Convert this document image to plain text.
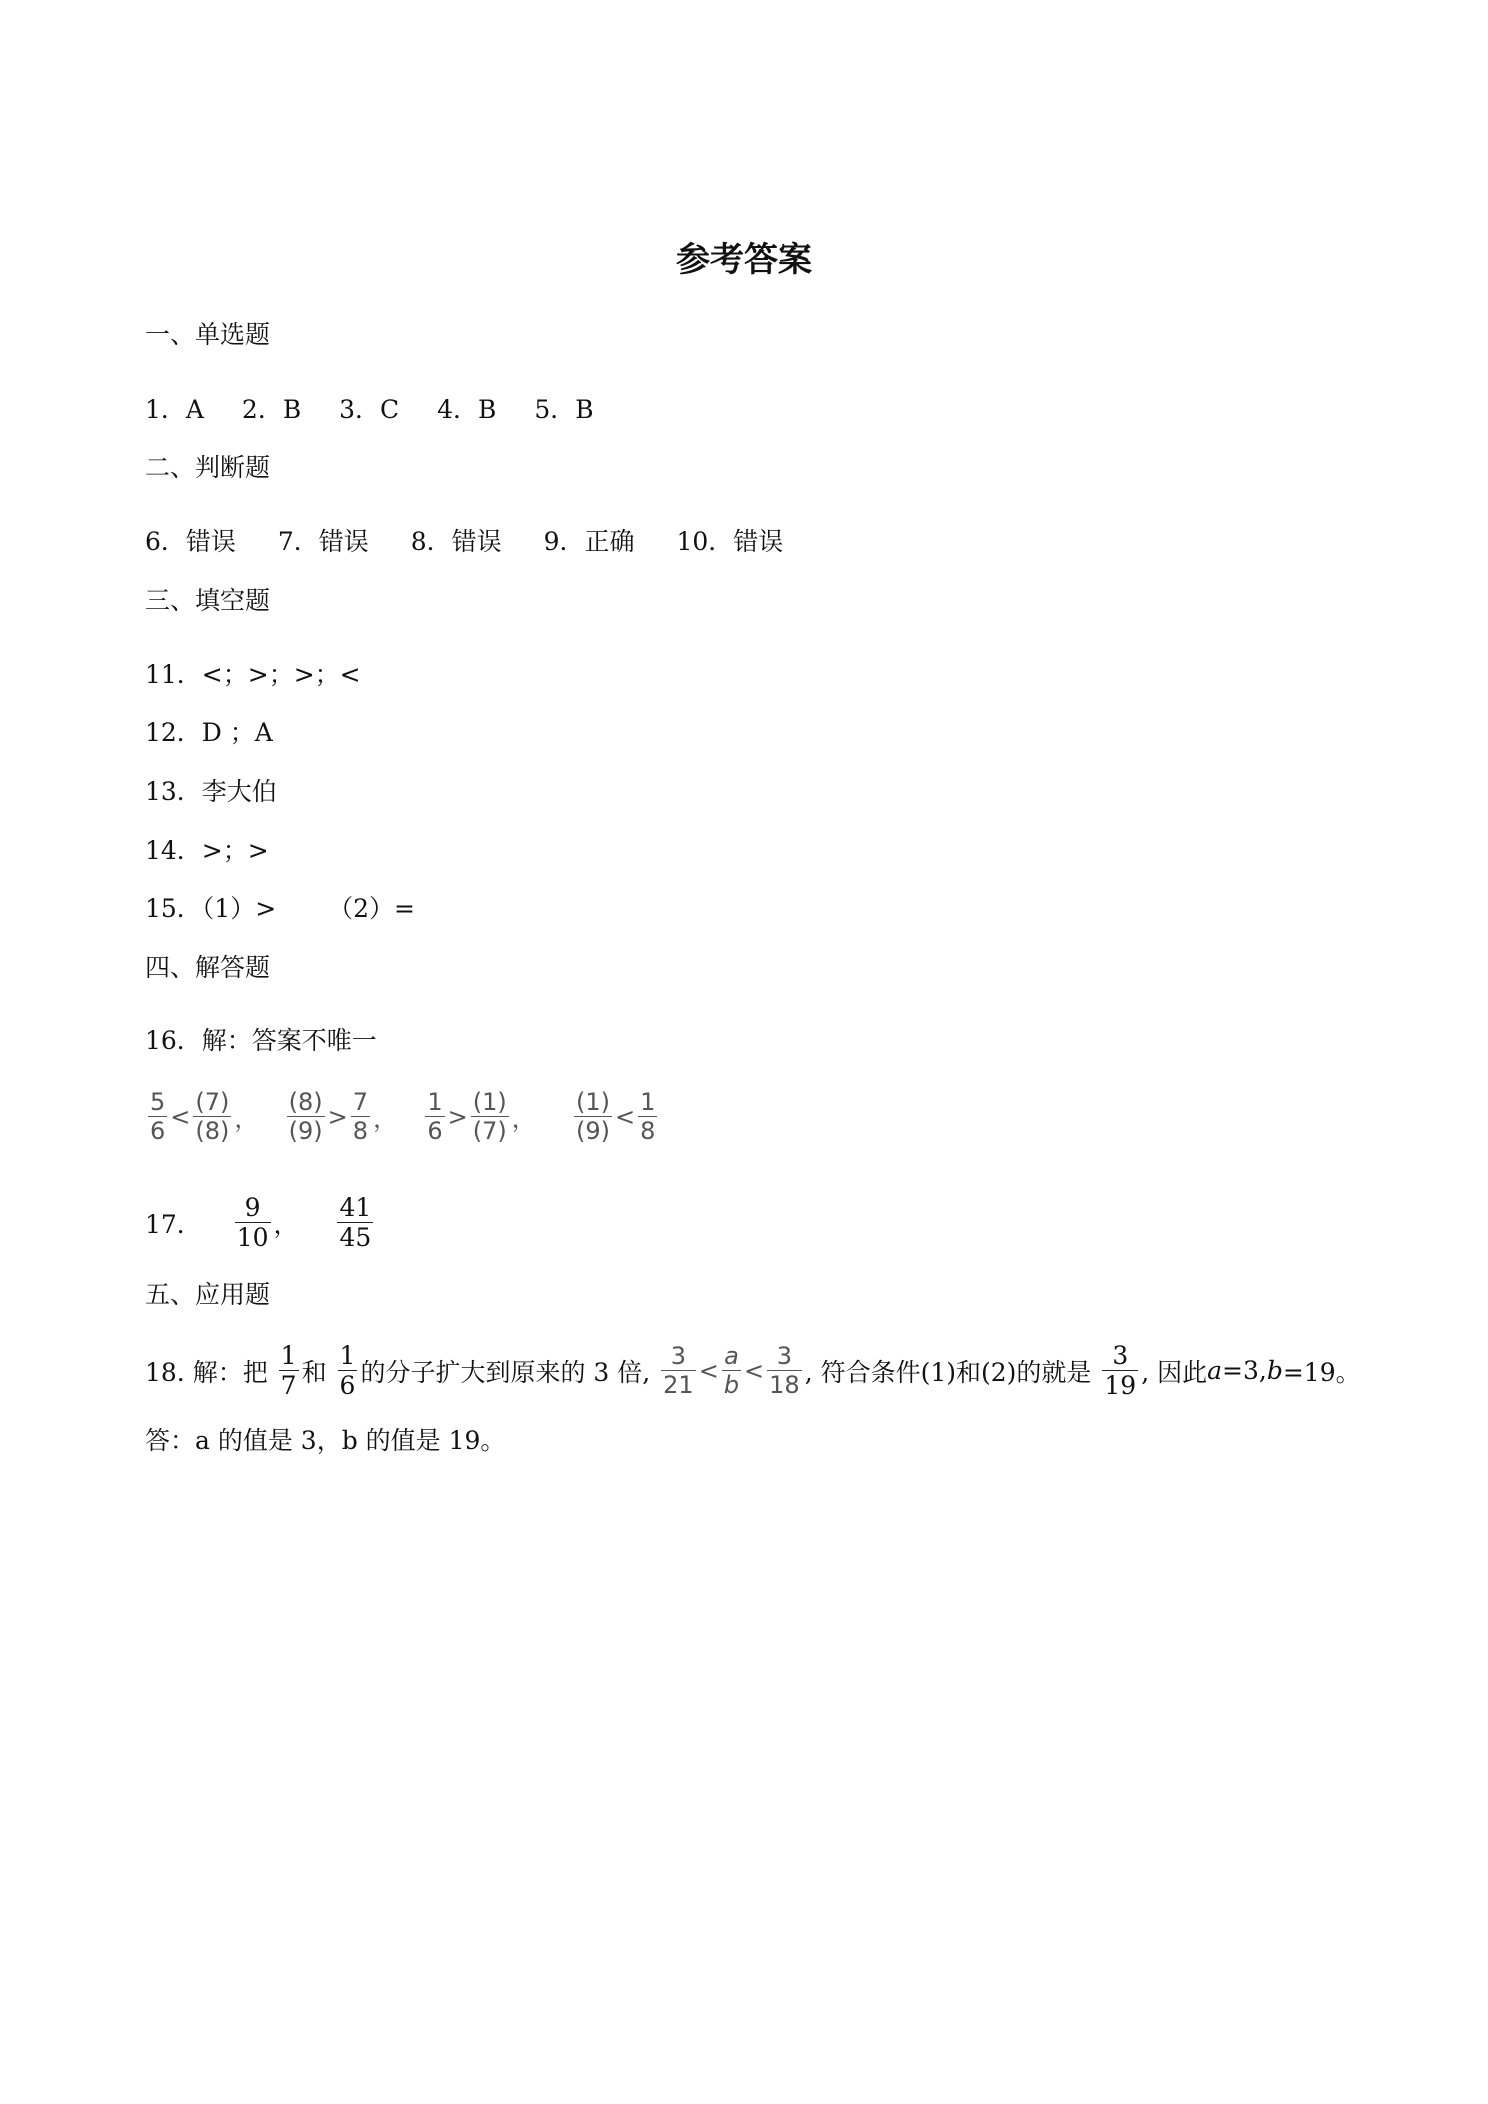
参考答案
一、单选题
1．A 2．B 3．C 4．B 5．B
二、判断题
6．错误 7．错误 8．错误 9．正确 10．错误
三、填空题
11．<；>；>；<
12．D ；A
13．李大伯
14．>；>
15．（1）> （2）=
四、解答题
16．解：答案不唯一
$\frac{5}{6} < \frac{(7)}{(8)}$ ， $\frac{(8)}{(9)} > \frac{7}{8}$ ， $\frac{1}{6} > \frac{(1)}{(7)}$ ， $\frac{(1)}{(9)} < \frac{1}{8}$
17． $\frac{9}{10}$ ， $\frac{41}{45}$
五、应用题
18. 解：把 $\frac{1}{7}$ 和 $\frac{1}{6}$ 的分子扩大到原来的 3 倍, $\frac{3}{21} < \frac{a}{b} < \frac{3}{18}$ , 符合条件(1)和(2)的就是 $\frac{3}{19}$ , 因此a=3,b=19。
答：a 的值是 3，b 的值是 19。
